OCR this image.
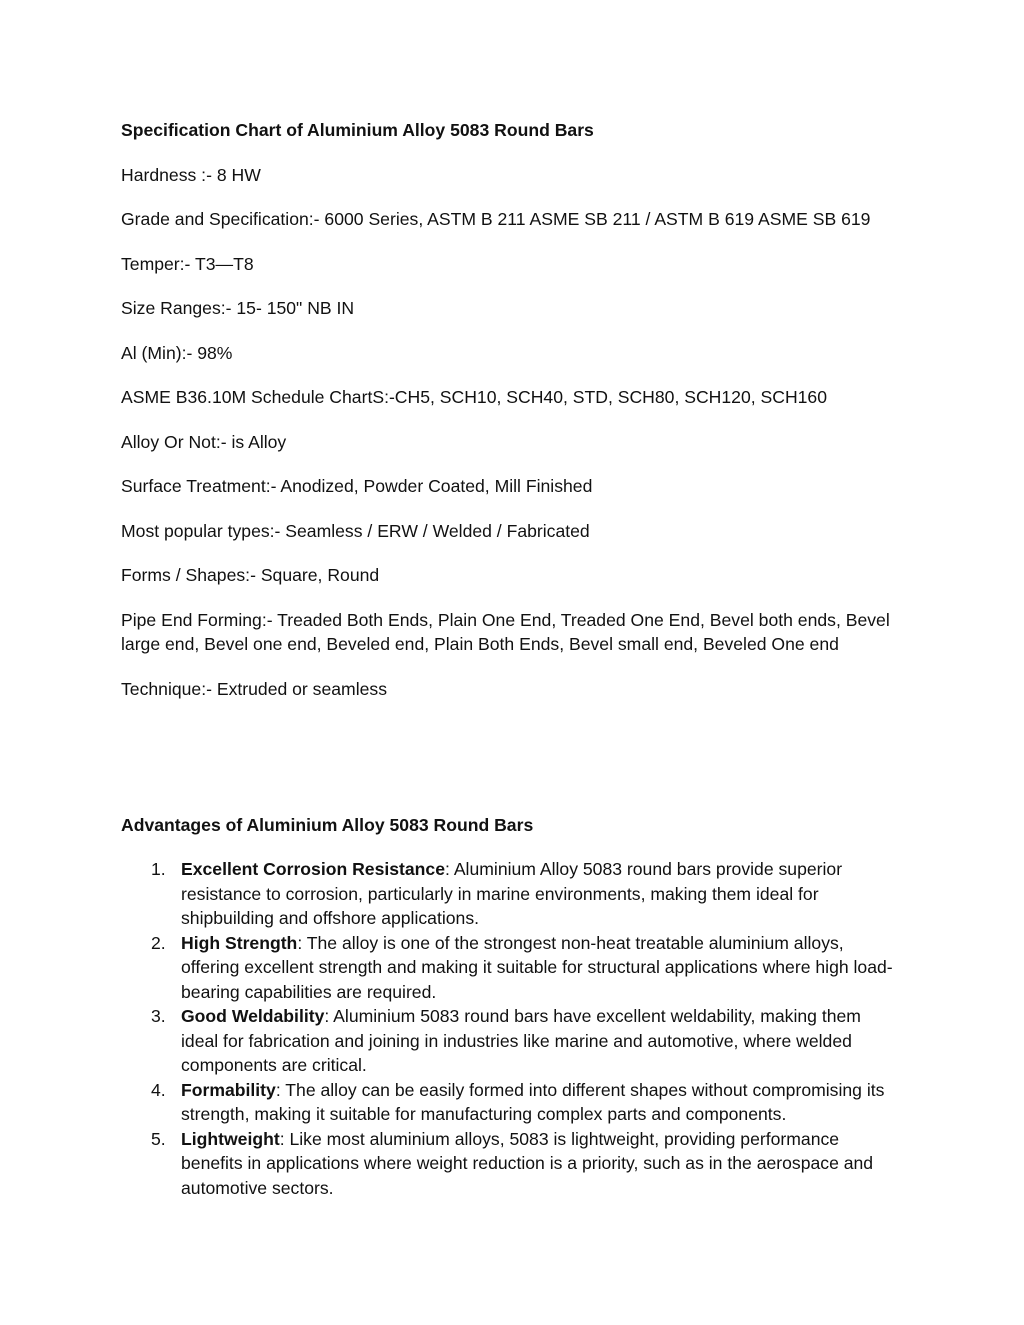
Specification Chart of Aluminium Alloy 5083 Round Bars

Hardness :- 8 HW

Grade and Specification:- 6000 Series, ASTM B 211 ASME SB 211 / ASTM B 619 ASME SB 619

Temper:- T3—T8

Size Ranges:- 15- 150" NB IN

Al (Min):- 98%

ASME B36.10M Schedule ChartS:-CH5, SCH10, SCH40, STD, SCH80, SCH120, SCH160

Alloy Or Not:- is Alloy

Surface Treatment:- Anodized, Powder Coated, Mill Finished

Most popular types:- Seamless / ERW / Welded / Fabricated

Forms / Shapes:- Square, Round

Pipe End Forming:- Treaded Both Ends, Plain One End, Treaded One End, Bevel both ends, Bevel large end, Bevel one end, Beveled end, Plain Both Ends, Bevel small end, Beveled One end

Technique:- Extruded or seamless

Advantages of Aluminium Alloy 5083 Round Bars
1. Excellent Corrosion Resistance: Aluminium Alloy 5083 round bars provide superior resistance to corrosion, particularly in marine environments, making them ideal for shipbuilding and offshore applications.
2. High Strength: The alloy is one of the strongest non-heat treatable aluminium alloys, offering excellent strength and making it suitable for structural applications where high load-bearing capabilities are required.
3. Good Weldability: Aluminium 5083 round bars have excellent weldability, making them ideal for fabrication and joining in industries like marine and automotive, where welded components are critical.
4. Formability: The alloy can be easily formed into different shapes without compromising its strength, making it suitable for manufacturing complex parts and components.
5. Lightweight: Like most aluminium alloys, 5083 is lightweight, providing performance benefits in applications where weight reduction is a priority, such as in the aerospace and automotive sectors.
